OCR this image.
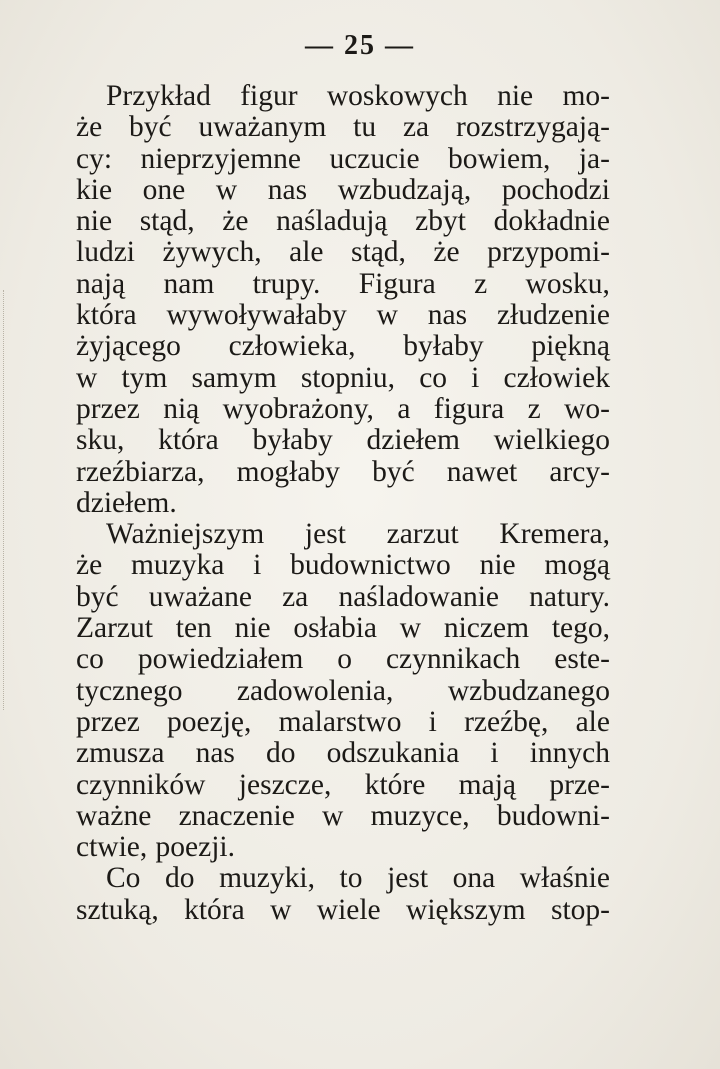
— 25 —
Przykład figur woskowych nie mo-
że być uważanym tu za rozstrzygają-
cy: nieprzyjemne uczucie bowiem, ja-
kie one w nas wzbudzają, pochodzi
nie stąd, że naśladują zbyt dokładnie
ludzi żywych, ale stąd, że przypomi-
nają nam trupy. Figura z wosku,
która wywoływałaby w nas złudzenie
żyjącego człowieka, byłaby piękną
w tym samym stopniu, co i człowiek
przez nią wyobrażony, a figura z wo-
sku, która byłaby dziełem wielkiego
rzeźbiarza, mogłaby być nawet arcy-
dziełem.
Ważniejszym jest zarzut Kremera,
że muzyka i budownictwo nie mogą
być uważane za naśladowanie natury.
Zarzut ten nie osłabia w niczem tego,
co powiedziałem o czynnikach este-
tycznego zadowolenia, wzbudzanego
przez poezję, malarstwo i rzeźbę, ale
zmusza nas do odszukania i innych
czynników jeszcze, które mają prze-
ważne znaczenie w muzyce, budowni-
ctwie, poezji.
Co do muzyki, to jest ona właśnie
sztuką, która w wiele większym stop-
